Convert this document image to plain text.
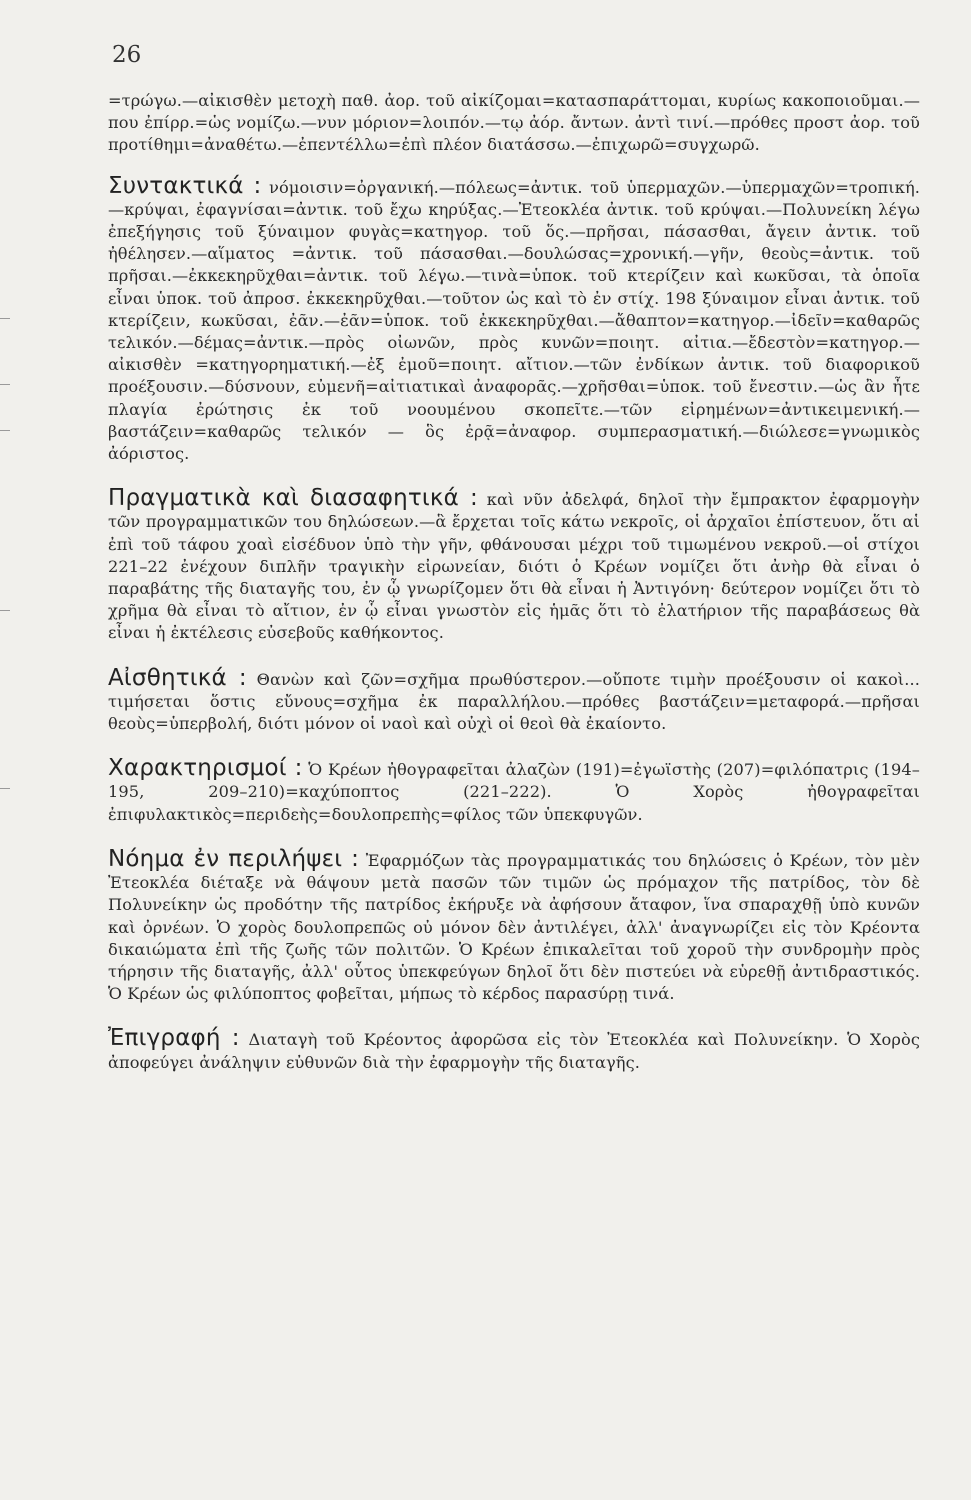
26

=τρώγω.—αἰκισθὲν μετοχὴ παθ. ἀορ. τοῦ αἰκίζομαι=κατασπαράττομαι, κυρίως κακοποιοῦμαι.—που ἐπίρρ.=ὡς νομίζω.—νυν μόριον=λοιπόν.—τῳ ἀόρ. ἄντων. ἀντὶ τινί.—πρόθες προστ ἀορ. τοῦ προτίθημι=ἀναθέτω.—ἐπεντέλλω=ἐπὶ πλέον διατάσσω.—ἐπιχωρῶ=συγχωρῶ.

Συντακτικά : νόμοισιν=ὀργανική.—πόλεως=ἀντικ. τοῦ ὑπερμαχῶν.—ὑπερμαχῶν=τροπική.—κρύψαι, ἐφαγνίσαι=ἀντικ. τοῦ ἔχω κηρύξας.—Ἐτεοκλέα ἀντικ. τοῦ κρύψαι.—Πολυνείκη λέγω ἐπεξήγησις τοῦ ξύναιμον φυγὰς=κατηγορ. τοῦ ὅς.—πρῆσαι, πάσασθαι, ἄγειν ἀντικ. τοῦ ἠθέλησεν.—αἵματος =ἀντικ. τοῦ πάσασθαι.—δουλώσας=χρονική.—γῆν, θεοὺς=ἀντικ. τοῦ πρῆσαι.—ἐκκεκηρῦχθαι=ἀντικ. τοῦ λέγω.—τινὰ=ὑποκ. τοῦ κτερίζειν καὶ κωκῦσαι, τὰ ὁποῖα εἶναι ὑποκ. τοῦ ἀπροσ. ἐκκεκηρῦχθαι.—τοῦτον ὡς καὶ τὸ ἐν στίχ. 198 ξύναιμον εἶναι ἀντικ. τοῦ κτερίζειν, κωκῦσαι, ἐᾶν.—ἐᾶν=ὑποκ. τοῦ ἐκκεκηρῦχθαι.—ἄθαπτον=κατηγορ.—ἰδεῖν=καθαρῶς τελικόν.—δέμας=ἀντικ.—πρὸς οἰωνῶν, πρὸς κυνῶν=ποιητ. αἰτια.—ἔδεστὸν=κατηγορ.—αἰκισθὲν =κατηγορηματική.—ἐξ ἐμοῦ=ποιητ. αἴτιον.—τῶν ἐνδίκων ἀντικ. τοῦ διαφορικοῦ προέξουσιν.—δύσνουν, εὐμενῆ=αἰτιατικαὶ ἀναφορᾶς.—χρῆσθαι=ὑποκ. τοῦ ἔνεστιν.—ὡς ἂν ἦτε πλαγία ἐρώτησις ἐκ τοῦ νοουμένου σκοπεῖτε.—τῶν εἰρημένων=ἀντικειμενική.—βαστάζειν=καθαρῶς τελικόν — ὃς ἐρᾷ=ἀναφορ. συμπερασματική.—διώλεσε=γνωμικὸς ἀόριστος.

Πραγματικὰ καὶ διασαφητικά : καὶ νῦν ἀδελφά, δηλοῖ τὴν ἔμπρακτον ἐφαρμογὴν τῶν προγραμματικῶν του δηλώσεων.—ἃ ἔρχεται τοῖς κάτω νεκροῖς, οἱ ἀρχαῖοι ἐπίστευον, ὅτι αἱ ἐπὶ τοῦ τάφου χοαὶ εἰσέδυον ὑπὸ τὴν γῆν, φθάνουσαι μέχρι τοῦ τιμωμένου νεκροῦ.—οἱ στίχοι 221–22 ἐνέχουν διπλῆν τραγικὴν εἰρωνείαν, διότι ὁ Κρέων νομίζει ὅτι ἀνὴρ θὰ εἶναι ὁ παραβάτης τῆς διαταγῆς του, ἐν ᾧ γνωρίζομεν ὅτι θὰ εἶναι ἡ Ἀντιγόνη· δεύτερον νομίζει ὅτι τὸ χρῆμα θὰ εἶναι τὸ αἴτιον, ἐν ᾧ εἶναι γνωστὸν εἰς ἡμᾶς ὅτι τὸ ἐλατήριον τῆς παραβάσεως θὰ εἶναι ἡ ἐκτέλεσις εὐσεβοῦς καθήκοντος.

Αἰσθητικά : Θανὼν καὶ ζῶν=σχῆμα πρωθύστερον.—οὔποτε τιμὴν προέξουσιν οἱ κακοὶ... τιμήσεται ὅστις εὔνους=σχῆμα ἐκ παραλλήλου.—πρόθες βαστάζειν=μεταφορά.—πρῆσαι θεοὺς=ὑπερβολή, διότι μόνον οἱ ναοὶ καὶ οὐχὶ οἱ θεοὶ θὰ ἐκαίοντο.

Χαρακτηρισμοί : Ὁ Κρέων ἠθογραφεῖται ἀλαζὼν (191)=ἐγωϊστὴς (207)=φιλόπατρις (194–195, 209–210)=καχύποπτος (221–222). Ὁ Χορὸς ἠθογραφεῖται ἐπιφυλακτικὸς=περιδεὴς=δουλοπρεπὴς=φίλος τῶν ὑπεκφυγῶν.

Νόημα ἐν περιλήψει : Ἐφαρμόζων τὰς προγραμματικάς του δηλώσεις ὁ Κρέων, τὸν μὲν Ἐτεοκλέα διέταξε νὰ θάψουν μετὰ πασῶν τῶν τιμῶν ὡς πρόμαχον τῆς πατρίδος, τὸν δὲ Πολυνείκην ὡς προδότην τῆς πατρίδος ἐκήρυξε νὰ ἀφήσουν ἄταφον, ἵνα σπαραχθῇ ὑπὸ κυνῶν καὶ ὀρνέων. Ὁ χορὸς δουλοπρεπῶς οὐ μόνον δὲν ἀντιλέγει, ἀλλ' ἀναγνωρίζει εἰς τὸν Κρέοντα δικαιώματα ἐπὶ τῆς ζωῆς τῶν πολιτῶν. Ὁ Κρέων ἐπικαλεῖται τοῦ χοροῦ τὴν συνδρομὴν πρὸς τήρησιν τῆς διαταγῆς, ἀλλ' οὗτος ὑπεκφεύγων δηλοῖ ὅτι δὲν πιστεύει νὰ εὑρεθῇ ἀντιδραστικός. Ὁ Κρέων ὡς φιλύποπτος φοβεῖται, μήπως τὸ κέρδος παρασύρῃ τινά.

Ἐπιγραφή : Διαταγὴ τοῦ Κρέοντος ἀφορῶσα εἰς τὸν Ἐτεοκλέα καὶ Πολυνείκην. Ὁ Χορὸς ἀποφεύγει ἀνάληψιν εὐθυνῶν διὰ τὴν ἐφαρμογὴν τῆς διαταγῆς.
